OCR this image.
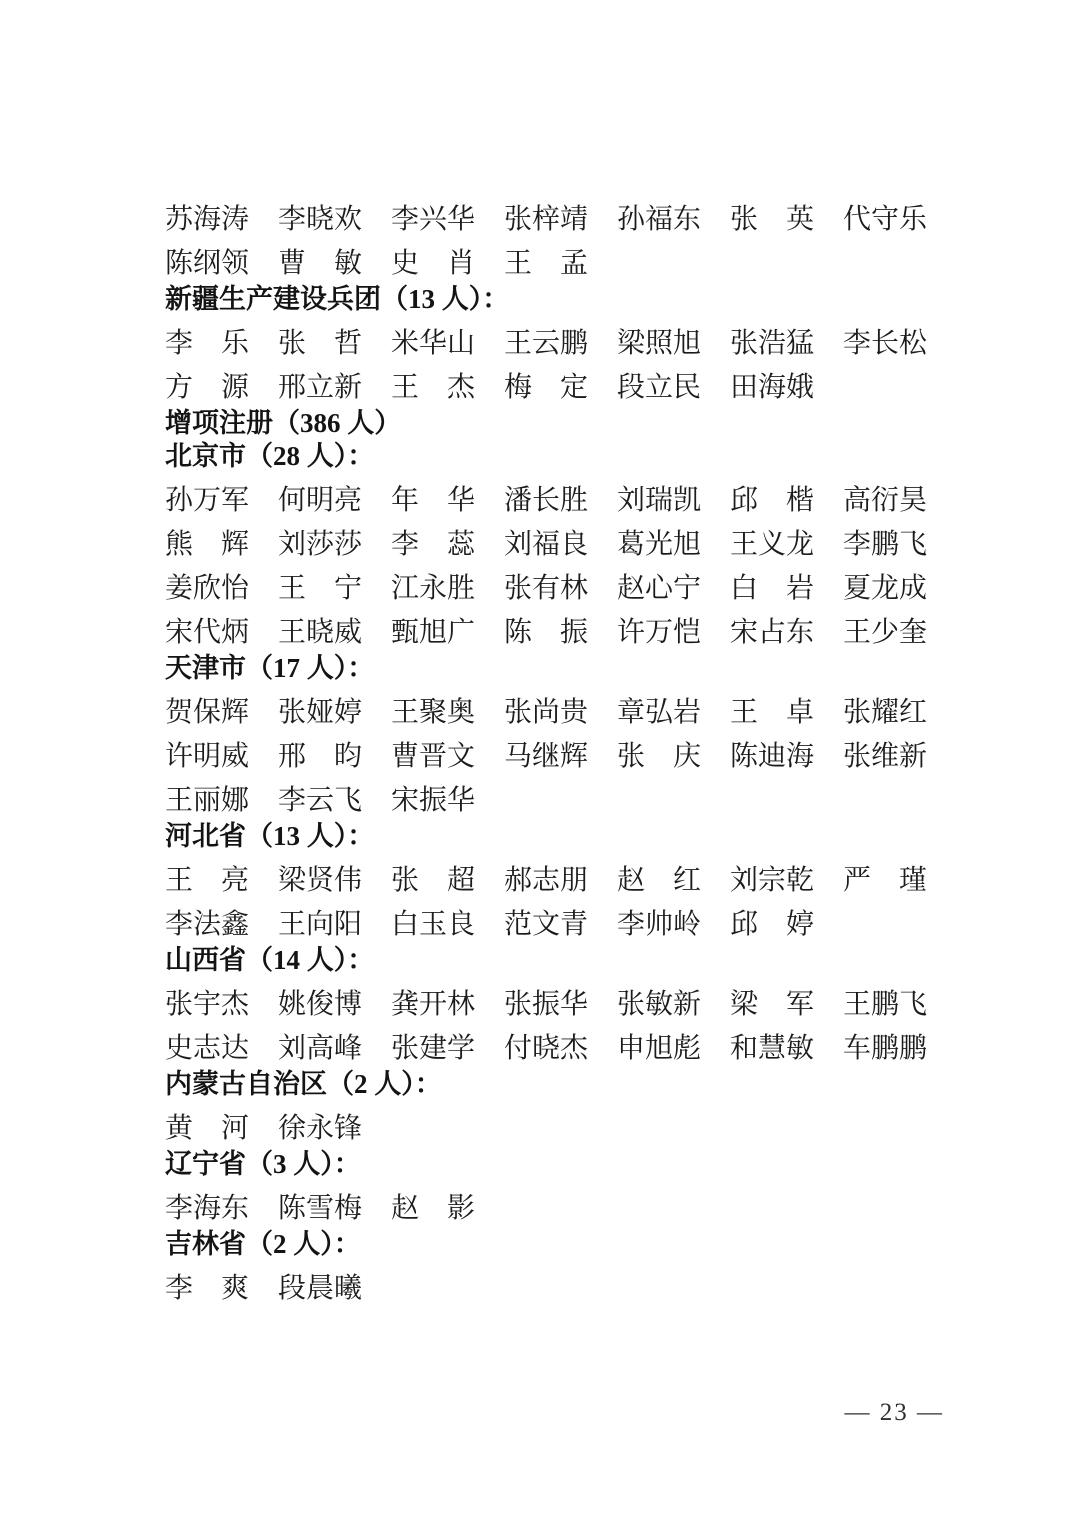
苏海涛 李晓欢 李兴华 张梓靖 孙福东 张英 代守乐
陈纲领 曹敏 史肖 王孟
新疆生产建设兵团（13 人）：
李乐 张哲 米华山 王云鹏 梁照旭 张浩猛 李长松
方源 邢立新 王杰 梅定 段立民 田海娥
增项注册（386 人）
北京市（28 人）：
孙万军 何明亮 年华 潘长胜 刘瑞凯 邱楷 高衍昊
熊辉 刘莎莎 李蕊 刘福良 葛光旭 王义龙 李鹏飞
姜欣怡 王宁 江永胜 张有林 赵心宁 白岩 夏龙成
宋代炳 王晓威 甄旭广 陈振 许万恺 宋占东 王少奎
天津市（17 人）：
贺保辉 张娅婷 王聚奥 张尚贵 章弘岩 王卓 张耀红
许明威 邢昀 曹晋文 马继辉 张庆 陈迪海 张维新
王丽娜 李云飞 宋振华
河北省（13 人）：
王亮 梁贤伟 张超 郝志朋 赵红 刘宗乾 严瑾
李法鑫 王向阳 白玉良 范文青 李帅岭 邱婷
山西省（14 人）：
张宇杰 姚俊博 龚开林 张振华 张敏新 梁军 王鹏飞
史志达 刘高峰 张建学 付晓杰 申旭彪 和慧敏 车鹏鹏
内蒙古自治区（2 人）：
黄河 徐永锋
辽宁省（3 人）：
李海东 陈雪梅 赵影
吉林省（2 人）：
李爽 段晨曦
— 23 —
